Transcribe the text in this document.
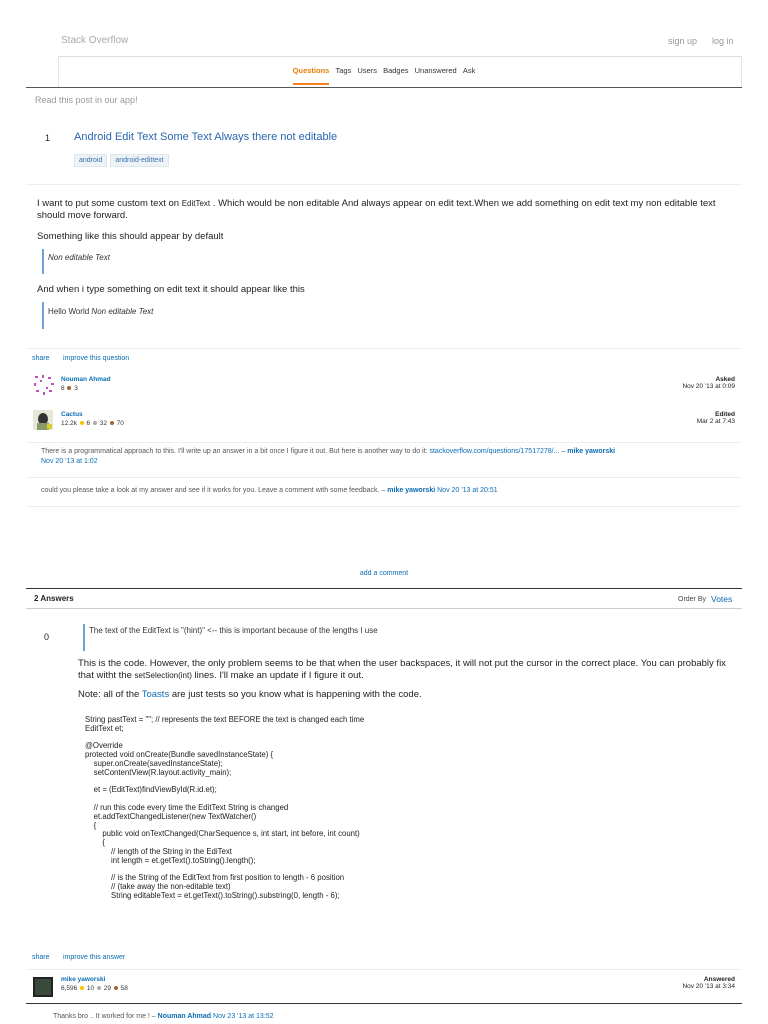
Stack Overflow	sign up log in
Questions Tags Users Badges Unanswered Ask
Read this post in our app!
1 Android Edit Text Some Text Always there not editable
android android-edittext
I want to put some custom text on EditText . Which would be non editable And always appear on edit text.When we add something on edit text my non editable text should move forward.
Something like this should appear by default
Non editable Text
And when i type something on edit text it should appear like this
Hello World Non editable Text
share improve this question
Nouman Ahmad
8 3
Asked
Nov 20 '13 at 0:09
Cactus
12.2k 6 32 70
Edited
Mar 2 at 7:43
There is a programmatical approach to this. I'll write up an answer in a bit once I figure it out. But here is another way to do it: stackoverflow.com/questions/17517278/... – mike yaworski
Nov 20 '13 at 1:02
could you please take a look at my answer and see if it works for you. Leave a comment with some feedback. – mike yaworski Nov 20 '13 at 20:51
add a comment
2 Answers	Order By Votes
0
The text of the EditText is "(hint)" <-- this is important because of the lengths I use
This is the code. However, the only problem seems to be that when the user backspaces, it will not put the cursor in the correct place. You can probably fix that witht the setSelection(int) lines. I'll make an update if I figure it out.
Note: all of the Toasts are just tests so you know what is happening with the code.
String pastText = ""; // represents the text BEFORE the text is changed each time
EditText et;

@Override
protected void onCreate(Bundle savedInstanceState) {
super.onCreate(savedInstanceState);
setContentView(R.layout.activity_main);

et = (EditText)findViewById(R.id.et);

// run this code every time the EditText String is changed
et.addTextChangedListener(new TextWatcher()
{
public void onTextChanged(CharSequence s, int start, int before, int count)
{
// length of the String in the EdiText
int length = et.getText().toString().length();

// is the String of the EditText from first position to length - 6 position
// (take away the non-editable text)
String editableText = et.getText().toString().substring(0, length - 6);
share improve this answer
mike yaworski
6,596 10 29 58
Answered
Nov 20 '13 at 3:34
Thanks bro .. It worked for me ! – Nouman Ahmad Nov 23 '13 at 13:52
